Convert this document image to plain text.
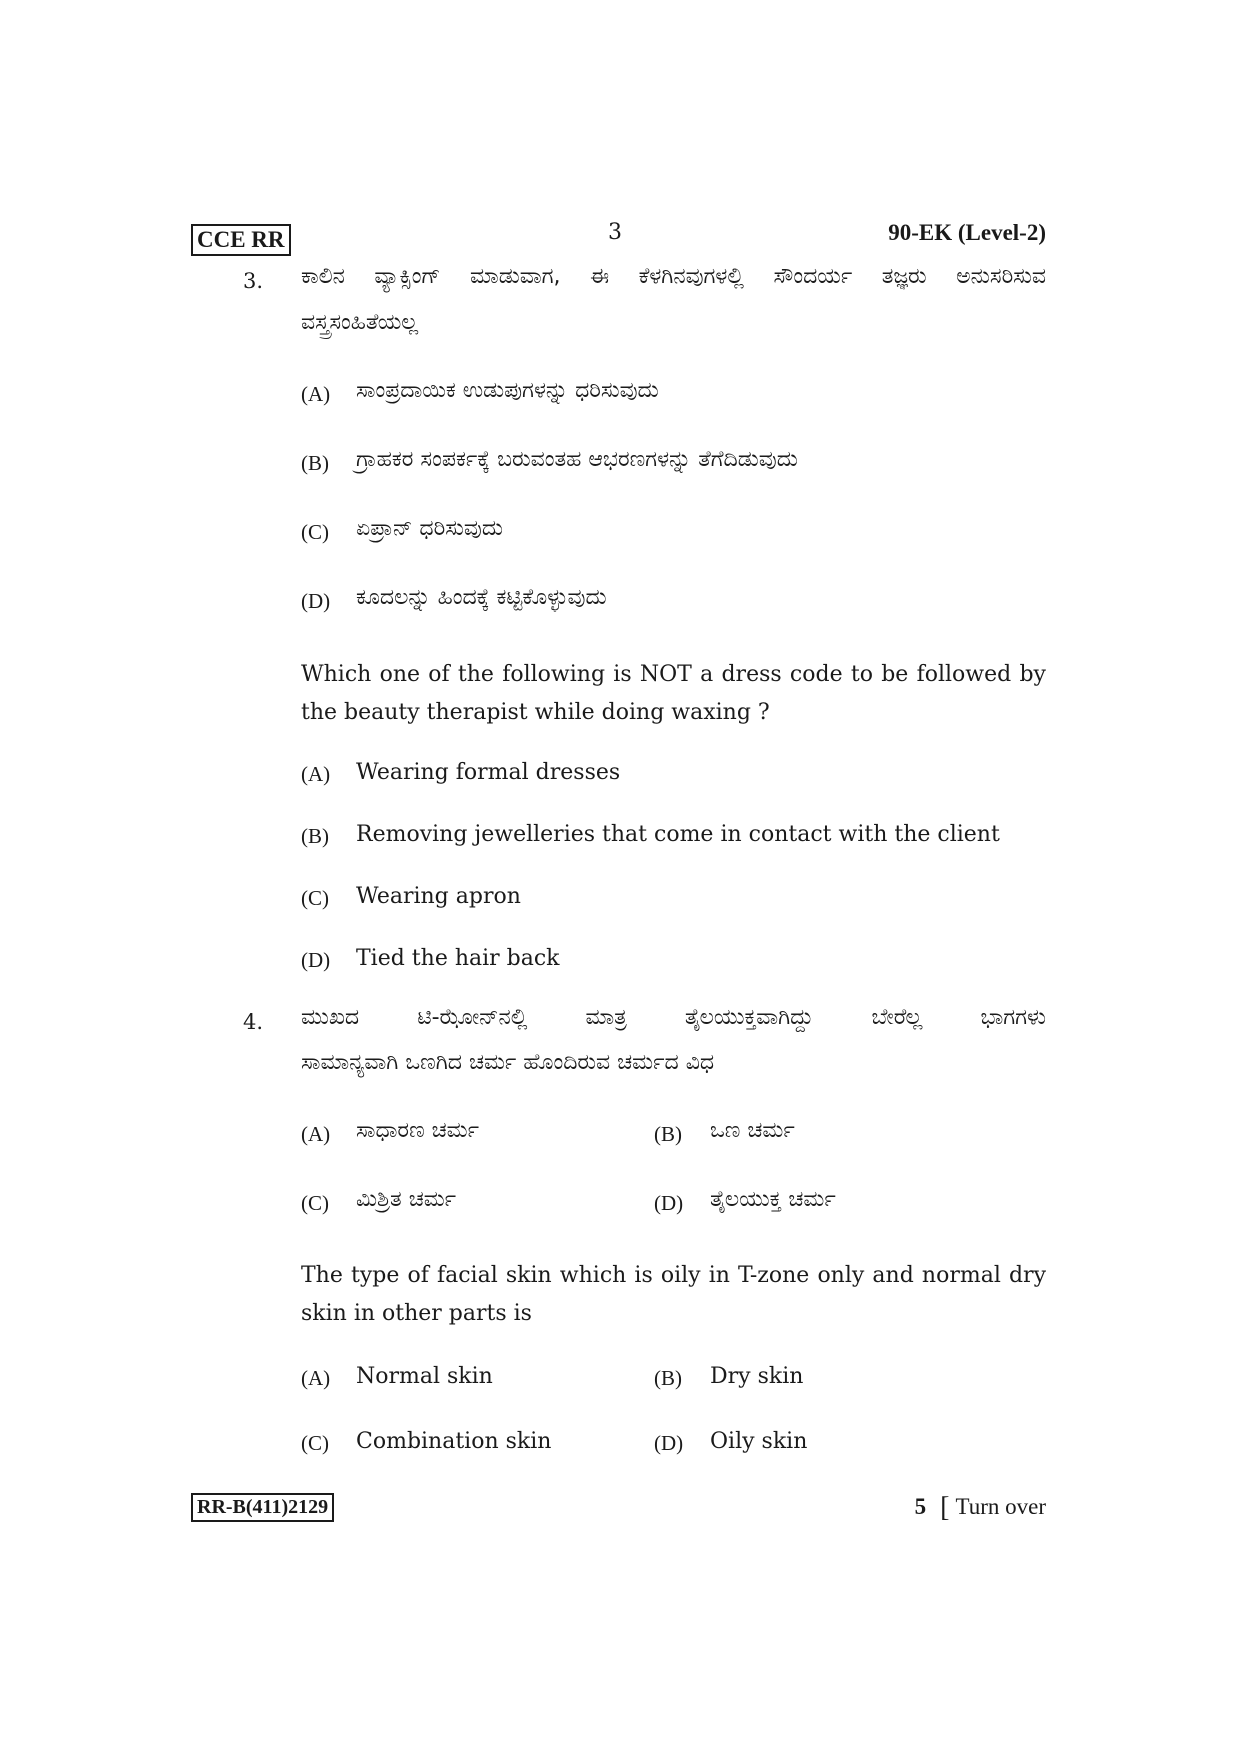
CCE RR	3	90-EK (Level-2)
3. ಕಾಲಿನ ವ್ಯಾಕ್ಸಿಂಗ್ ಮಾಡುವಾಗ, ಈ ಕೆಳಗಿನವುಗಳಲ್ಲಿ ಸೌಂದರ್ಯ ತಜ್ಞರು ಅನುಸರಿಸುವ
ವಸ್ತ್ರಸಂಹಿತೆಯಲ್ಲ
(A) ಸಾಂಪ್ರದಾಯಿಕ ಉಡುಪುಗಳನ್ನು ಧರಿಸುವುದು
(B) ಗ್ರಾಹಕರ ಸಂಪರ್ಕಕ್ಕೆ ಬರುವಂತಹ ಆಭರಣಗಳನ್ನು ತೆಗೆದಿಡುವುದು
(C) ಏಪ್ರಾನ್ ಧರಿಸುವುದು
(D) ಕೂದಲನ್ನು ಹಿಂದಕ್ಕೆ ಕಟ್ಟಿಕೊಳ್ಳುವುದು
Which one of the following is NOT a dress code to be followed by the beauty therapist while doing waxing ?
(A) Wearing formal dresses
(B) Removing jewelleries that come in contact with the client
(C) Wearing apron
(D) Tied the hair back
4. ಮುಖದ ಟಿ-ಝೋನ್‌ನಲ್ಲಿ ಮಾತ್ರ ತೈಲಯುಕ್ತವಾಗಿದ್ದು ಬೇರೆಲ್ಲ ಭಾಗಗಳು
ಸಾಮಾನ್ಯವಾಗಿ ಒಣಗಿದ ಚರ್ಮ ಹೊಂದಿರುವ ಚರ್ಮದ ವಿಧ
(A) ಸಾಧಾರಣ ಚರ್ಮ	(B) ಒಣ ಚರ್ಮ
(C) ಮಿಶ್ರಿತ ಚರ್ಮ	(D) ತೈಲಯುಕ್ತ ಚರ್ಮ
The type of facial skin which is oily in T-zone only and normal dry skin in other parts is
(A) Normal skin	(B) Dry skin
(C) Combination skin	(D) Oily skin
RR-B(411)2129	5 [ Turn over
